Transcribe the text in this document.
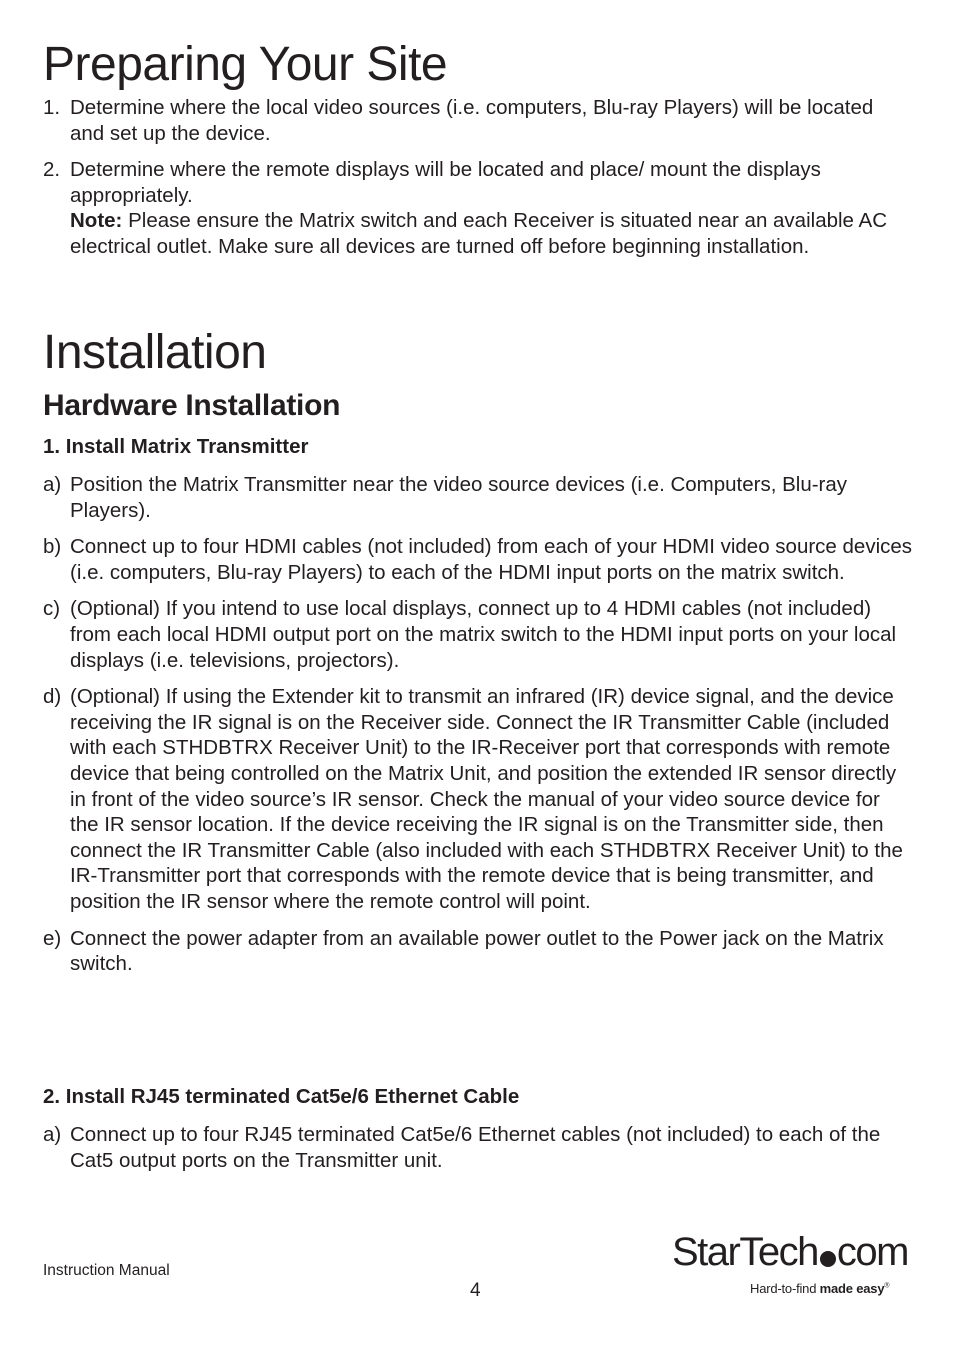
Preparing Your Site
1. Determine where the local video sources (i.e. computers, Blu-ray Players) will be located and set up the device.
2. Determine where the remote displays will be located and place/ mount the displays appropriately.
Note: Please ensure the Matrix switch and each Receiver is situated near an available AC electrical outlet. Make sure all devices are turned off before beginning installation.
Installation
Hardware Installation

1. Install Matrix Transmitter

a) Position the Matrix Transmitter near the video source devices (i.e. Computers, Blu-ray Players).
b) Connect up to four HDMI cables (not included) from each of your HDMI video source devices (i.e. computers, Blu-ray Players) to each of the HDMI input ports on the matrix switch.
c) (Optional) If you intend to use local displays, connect up to 4 HDMI cables (not included) from each local HDMI output port on the matrix switch to the HDMI input ports on your local displays (i.e. televisions, projectors).
d) (Optional) If using the Extender kit to transmit an infrared (IR) device signal, and the device receiving the IR signal is on the Receiver side. Connect the IR Transmitter Cable (included with each STHDBTRX Receiver Unit) to the IR-Receiver port that corresponds with remote device that being controlled on the Matrix Unit, and position the extended IR sensor directly in front of the video source’s IR sensor. Check the manual of your video source device for the IR sensor location. If the device receiving the IR signal is on the Transmitter side, then connect the IR Transmitter Cable (also included with each STHDBTRX Receiver Unit) to the IR-Transmitter port that corresponds with the remote device that is being transmitter, and position the IR sensor where the remote control will point.
e) Connect the power adapter from an available power outlet to the Power jack on the Matrix switch.

2. Install RJ45 terminated Cat5e/6 Ethernet Cable

a) Connect up to four RJ45 terminated Cat5e/6 Ethernet cables (not included) to each of the Cat5 output ports on the Transmitter unit.
Instruction Manual
4
StarTech com
Hard-to-find made easy®
